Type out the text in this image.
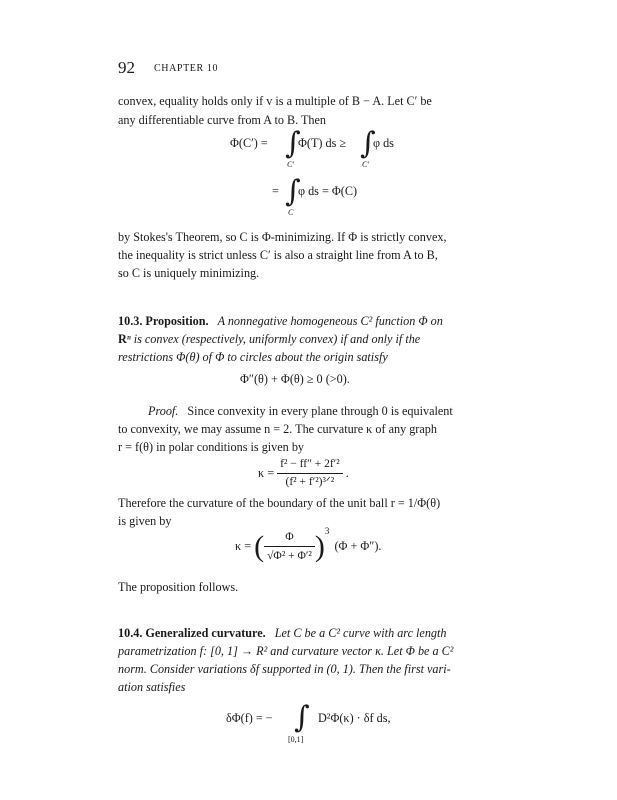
92 CHAPTER 10
convex, equality holds only if v is a multiple of B − A. Let C′ be
any differentiable curve from A to B. Then
Φ(C′) = ∫
Φ(T) ds ≥
C′
∫
φ ds
C′
= ∫
φ ds = Φ(C)
C
by Stokes's Theorem, so C is Φ-minimizing. If Φ is strictly convex,
the inequality is strict unless C′ is also a straight line from A to B,
so C is uniquely minimizing.
10.3. Proposition. A nonnegative homogeneous C² function Φ on
Rⁿ is convex (respectively, uniformly convex) if and only if the
restrictions Φ(θ) of Φ to circles about the origin satisfy
Φ″(θ) + Φ(θ) ≥ 0 (>0).
Proof. Since convexity in every plane through 0 is equivalent
to convexity, we may assume n = 2. The curvature κ of any graph
r = f(θ) in polar conditions is given by
$\kappa = \frac{\text{f² − ff″ + 2f′²}}{\text{(f² + f′²)³ᐟ²}}$ .
Therefore the curvature of the boundary of the unit ball r = 1/Φ(θ)
is given by
κ = ( $\frac{\Phi}{\text{√Φ² + Φ′²}} )^3$ (Φ + Φ″).
The proposition follows.
10.4. Generalized curvature. Let C be a C² curve with arc length
parametrization f: [0, 1] → R² and curvature vector κ. Let Φ be a C²
norm. Consider variations δf supported in (0, 1). Then the first vari-
ation satisfies
δΦ(f) = − ∫ D²Φ(κ) · δf ds,
[0,1]
